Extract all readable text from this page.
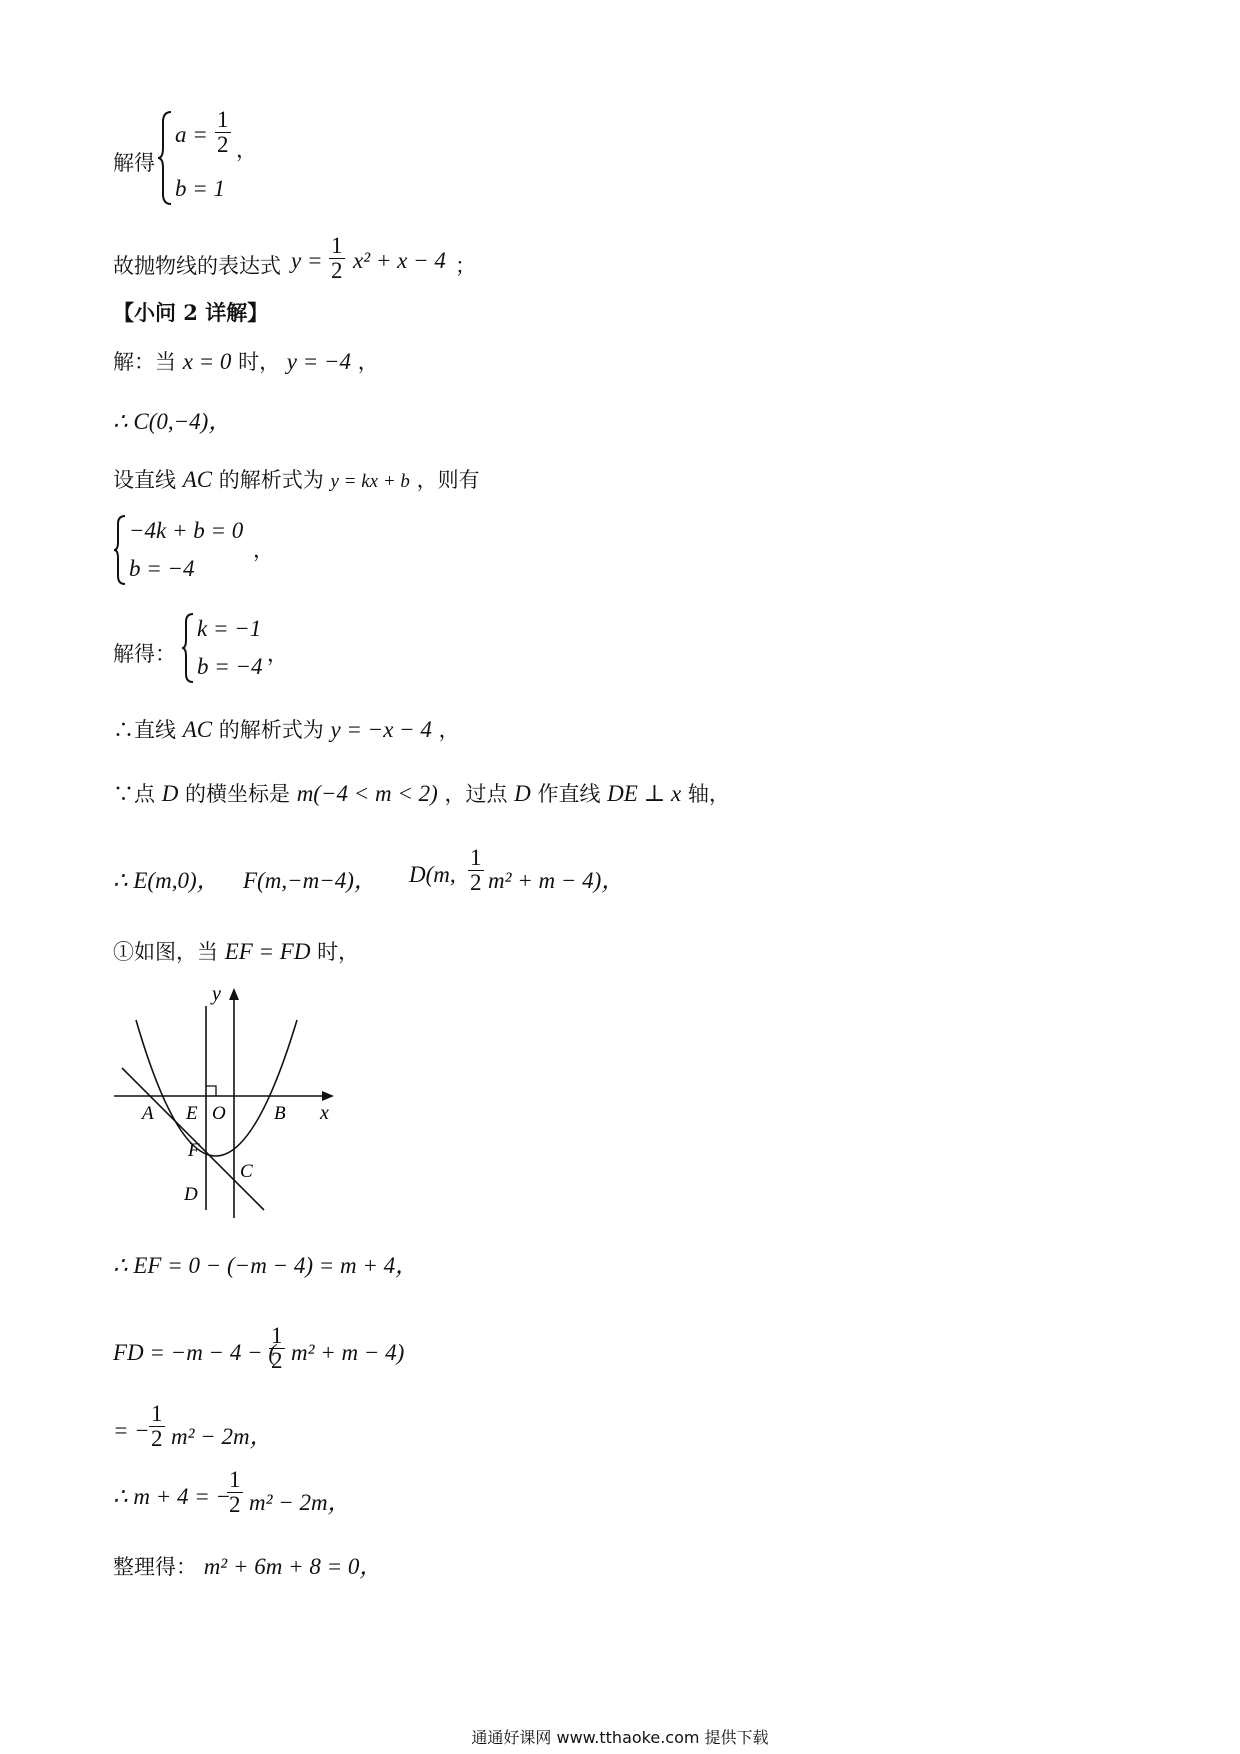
解得
$a = \frac{1}{2}$ ，
b = 1
故抛物线的表达式 $y = \frac{1}{2} x^2 + x - 4$ ；
【小问 2 详解】
解：当 x = 0 时， y = −4 ，
∴ C(0,−4)，
设直线 AC 的解析式为 y = kx + b ，则有
−4k + b = 0
b = −4
，
解得：
k = −1
b = −4 ，
∴直线 AC 的解析式为 y = −x − 4 ，
∵点 D 的横坐标是 m(−4 < m < 2) ，过点 D 作直线 DE ⊥ x 轴，
∴ E(m,0)， F(m,−m−4)， D(m, $\frac{1}{2} m^2 + m - 4$)，
①如图，当 EF = FD 时，
y
x
A E O	B
F
C
D
∴ EF = 0 − (−m − 4) = m + 4，
FD = −m − 4 − (
$\frac{1}{2} m^2 + m - 4$)
= − $\frac{1}{2} m^2 - 2m$，
∴ m + 4 = −
$\frac{1}{2} m^2 - 2m$，
整理得： m² + 6m + 8 = 0，
通通好课网 www.tthaoke.com 提供下载
